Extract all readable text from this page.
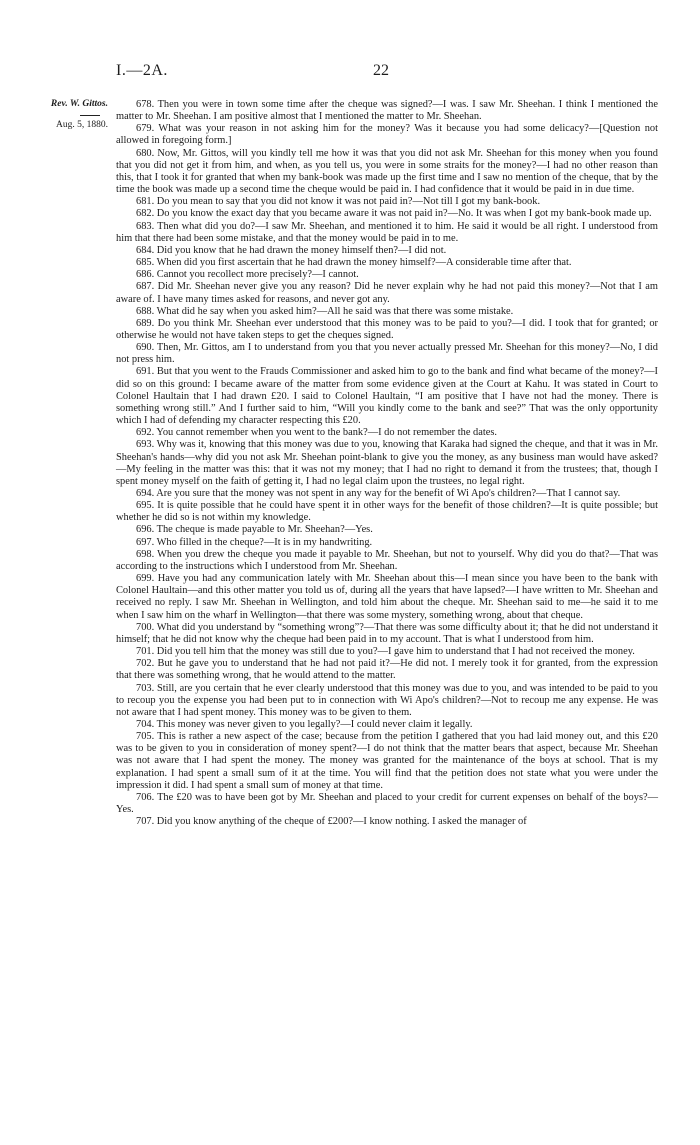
I.—2A.	22
Rev. W. Gittos.
Aug. 5, 1880.

678. Then you were in town some time after the cheque was signed?—I was. I saw Mr. Sheehan. I think I mentioned the matter to Mr. Sheehan. I am positive almost that I mentioned the matter to Mr. Sheehan.

679. What was your reason in not asking him for the money? Was it because you had some delicacy?—[Question not allowed in foregoing form.]

680. Now, Mr. Gittos, will you kindly tell me how it was that you did not ask Mr. Sheehan for this money when you found that you did not get it from him, and when, as you tell us, you were in some straits for the money?—I had no other reason than this, that I took it for granted that when my bank-book was made up the first time and I saw no mention of the cheque, that by the time the book was made up a second time the cheque would be paid in. I had confidence that it would be paid in in due time.

681. Do you mean to say that you did not know it was not paid in?—Not till I got my bank-book.

682. Do you know the exact day that you became aware it was not paid in?—No. It was when I got my bank-book made up.

683. Then what did you do?—I saw Mr. Sheehan, and mentioned it to him. He said it would be all right. I understood from him that there had been some mistake, and that the money would be paid in to me.

684. Did you know that he had drawn the money himself then?—I did not.

685. When did you first ascertain that he had drawn the money himself?—A considerable time after that.

686. Cannot you recollect more precisely?—I cannot.

687. Did Mr. Sheehan never give you any reason? Did he never explain why he had not paid this money?—Not that I am aware of. I have many times asked for reasons, and never got any.

688. What did he say when you asked him?—All he said was that there was some mistake.

689. Do you think Mr. Sheehan ever understood that this money was to be paid to you?—I did. I took that for granted; or otherwise he would not have taken steps to get the cheques signed.

690. Then, Mr. Gittos, am I to understand from you that you never actually pressed Mr. Sheehan for this money?—No, I did not press him.

691. But that you went to the Frauds Commissioner and asked him to go to the bank and find what became of the money?—I did so on this ground: I became aware of the matter from some evidence given at the Court at Kahu. It was stated in Court to Colonel Haultain that I had drawn £20. I said to Colonel Haultain, “I am positive that I have not had the money. There is something wrong still.” And I further said to him, “Will you kindly come to the bank and see?” That was the only opportunity which I had of defending my character respecting this £20.

692. You cannot remember when you went to the bank?—I do not remember the dates.

693. Why was it, knowing that this money was due to you, knowing that Karaka had signed the cheque, and that it was in Mr. Sheehan's hands—why did you not ask Mr. Sheehan point-blank to give you the money, as any business man would have asked?—My feeling in the matter was this: that it was not my money; that I had no right to demand it from the trustees; that, though I spent money myself on the faith of getting it, I had no legal claim upon the trustees, no legal right.

694. Are you sure that the money was not spent in any way for the benefit of Wi Apo's children?—That I cannot say.

695. It is quite possible that he could have spent it in other ways for the benefit of those children?—It is quite possible; but whether he did so is not within my knowledge.

696. The cheque is made payable to Mr. Sheehan?—Yes.

697. Who filled in the cheque?—It is in my handwriting.

698. When you drew the cheque you made it payable to Mr. Sheehan, but not to yourself. Why did you do that?—That was according to the instructions which I understood from Mr. Sheehan.

699. Have you had any communication lately with Mr. Sheehan about this—I mean since you have been to the bank with Colonel Haultain—and this other matter you told us of, during all the years that have lapsed?—I have written to Mr. Sheehan and received no reply. I saw Mr. Sheehan in Wellington, and told him about the cheque. Mr. Sheehan said to me—he said it to me when I saw him on the wharf in Wellington—that there was some mystery, something wrong, about that cheque.

700. What did you understand by “something wrong”?—That there was some difficulty about it; that he did not understand it himself; that he did not know why the cheque had been paid in to my account. That is what I understood from him.

701. Did you tell him that the money was still due to you?—I gave him to understand that I had not received the money.

702. But he gave you to understand that he had not paid it?—He did not. I merely took it for granted, from the expression that there was something wrong, that he would attend to the matter.

703. Still, are you certain that he ever clearly understood that this money was due to you, and was intended to be paid to you to recoup you the expense you had been put to in connection with Wi Apo's children?—Not to recoup me any expense. He was not aware that I had spent money. This money was to be given to them.

704. This money was never given to you legally?—I could never claim it legally.

705. This is rather a new aspect of the case; because from the petition I gathered that you had laid money out, and this £20 was to be given to you in consideration of money spent?—I do not think that the matter bears that aspect, because Mr. Sheehan was not aware that I had spent the money. The money was granted for the maintenance of the boys at school. That is my explanation. I had spent a small sum of it at the time. You will find that the petition does not state what you were under the impression it did. I had spent a small sum of money at that time.

706. The £20 was to have been got by Mr. Sheehan and placed to your credit for current expenses on behalf of the boys?—Yes.

707. Did you know anything of the cheque of £200?—I know nothing. I asked the manager of
